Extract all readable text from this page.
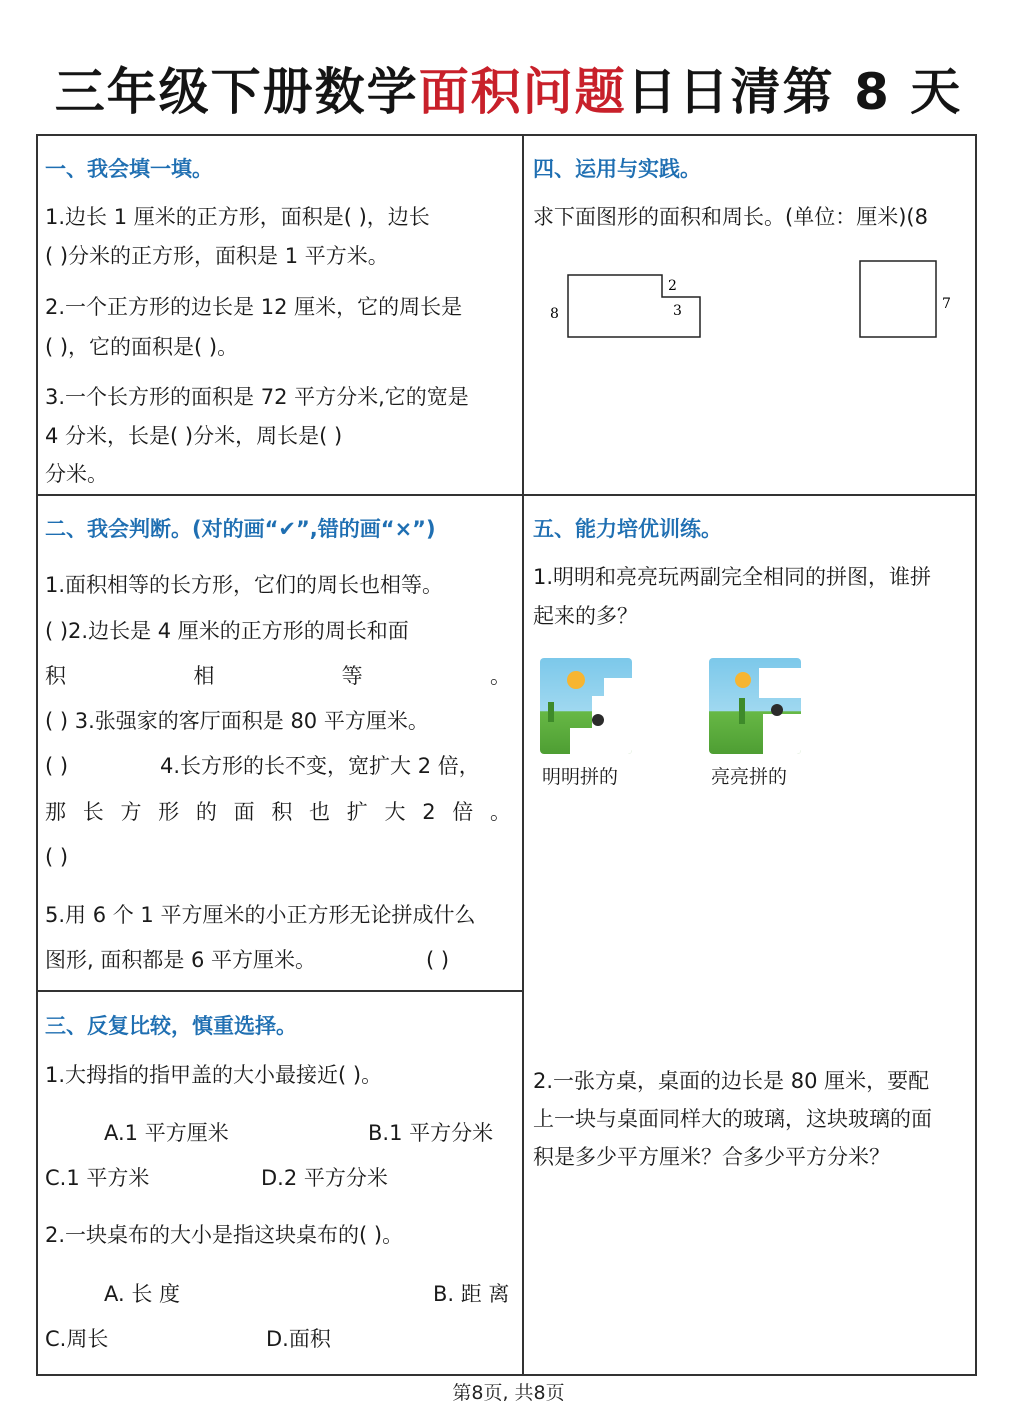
三年级下册数学面积问题日日清第 8 天
一、我会填一填。
1.边长 1 厘米的正方形，面积是( )，边长
( )分米的正方形，面积是 1 平方米。
2.一个正方形的边长是 12 厘米，它的周长是
( )，它的面积是( )。
3.一个长方形的面积是 72 平方分米,它的宽是
4 分米，长是( )分米，周长是( )
分米。
二、我会判断。(对的画“✔”,错的画“×”)
1.面积相等的长方形，它们的周长也相等。
( )2.边长是 4 厘米的正方形的周长和面
积	相	等	。
( ) 3.张强家的客厅面积是 80 平方厘米。
( )	4.长方形的长不变，宽扩大 2 倍，
那 长 方 形 的 面 积 也 扩 大 2 倍 。
( )
5.用 6 个 1 平方厘米的小正方形无论拼成什么
图形, 面积都是 6 平方厘米。	( )
三、反复比较，慎重选择。
1.大拇指的指甲盖的大小最接近( )。
A.1 平方厘米	B.1 平方分米
C.1 平方米	D.2 平方分米
2.一块桌布的大小是指这块桌布的( )。
A. 长 度	B. 距 离
C.周长	D.面积
四、运用与实践。
求下面图形的面积和周长。(单位：厘米)(8
8
2
3	7
五、能力培优训练。
1.明明和亮亮玩两副完全相同的拼图，谁拼
起来的多？
明明拼的	亮亮拼的
2.一张方桌，桌面的边长是 80 厘米，要配
上一块与桌面同样大的玻璃，这块玻璃的面
积是多少平方厘米？合多少平方分米？
第8页, 共8页
